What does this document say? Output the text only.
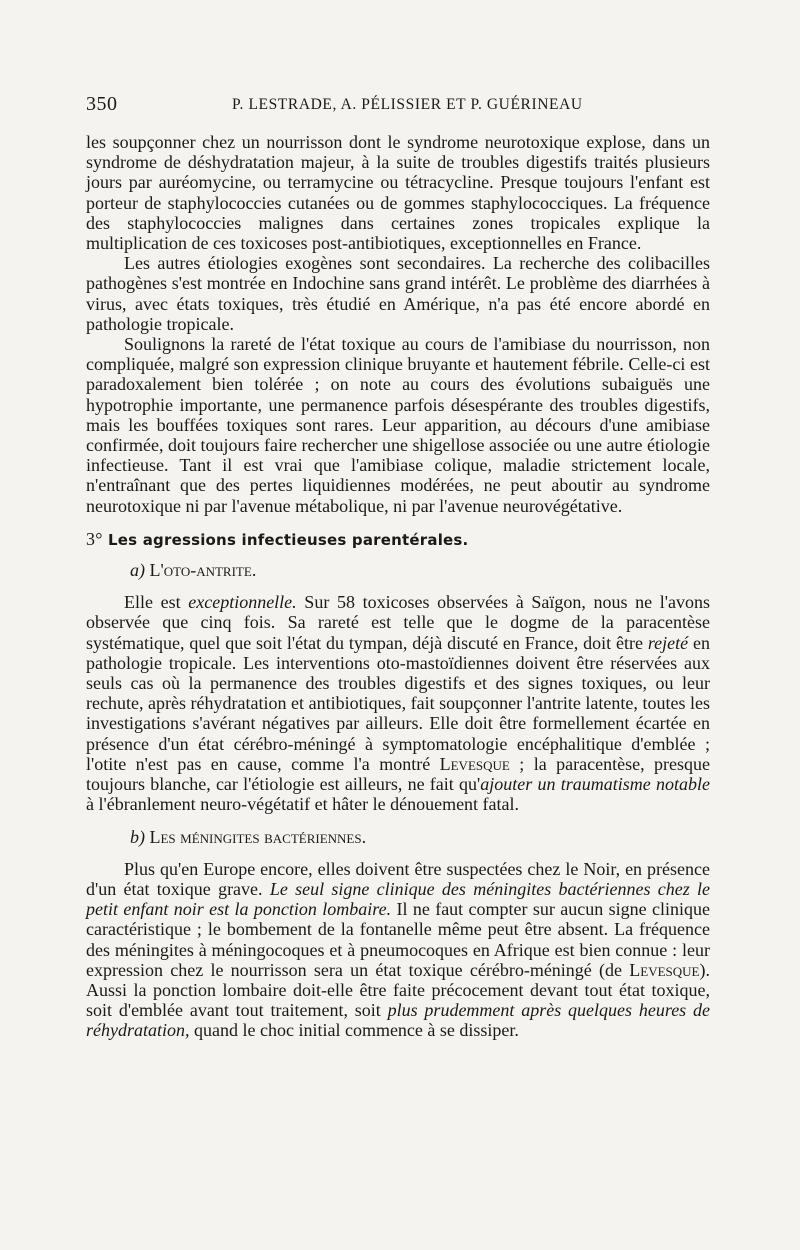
350	P. LESTRADE, A. PÉLISSIER ET P. GUÉRINEAU

les soupçonner chez un nourrisson dont le syndrome neurotoxique explose, dans un syndrome de déshydratation majeur, à la suite de troubles digestifs traités plusieurs jours par auréomycine, ou terramycine ou tétracycline. Presque toujours l'enfant est porteur de staphylococcies cutanées ou de gommes staphylococciques. La fréquence des staphylococcies malignes dans certaines zones tropicales explique la multiplication de ces toxicoses post-antibiotiques, exceptionnelles en France.

Les autres étiologies exogènes sont secondaires. La recherche des colibacilles pathogènes s'est montrée en Indochine sans grand intérêt. Le problème des diarrhées à virus, avec états toxiques, très étudié en Amérique, n'a pas été encore abordé en pathologie tropicale.

Soulignons la rareté de l'état toxique au cours de l'amibiase du nourrisson, non compliquée, malgré son expression clinique bruyante et hautement fébrile. Celle-ci est paradoxalement bien tolérée ; on note au cours des évolutions subaiguës une hypotrophie importante, une permanence parfois désespérante des troubles digestifs, mais les bouffées toxiques sont rares. Leur apparition, au décours d'une amibiase confirmée, doit toujours faire rechercher une shigellose associée ou une autre étiologie infectieuse. Tant il est vrai que l'amibiase colique, maladie strictement locale, n'entraînant que des pertes liquidiennes modérées, ne peut aboutir au syndrome neurotoxique ni par l'avenue métabolique, ni par l'avenue neurovégétative.

3° Les agressions infectieuses parentérales.
a) L'oto-antrite.

Elle est exceptionnelle. Sur 58 toxicoses observées à Saïgon, nous ne l'avons observée que cinq fois. Sa rareté est telle que le dogme de la paracentèse systématique, quel que soit l'état du tympan, déjà discuté en France, doit être rejeté en pathologie tropicale. Les interventions oto-mastoïdiennes doivent être réservées aux seuls cas où la permanence des troubles digestifs et des signes toxiques, ou leur rechute, après réhydratation et antibiotiques, fait soupçonner l'antrite latente, toutes les investigations s'avérant négatives par ailleurs. Elle doit être formellement écartée en présence d'un état cérébro-méningé à symptomatologie encéphalitique d'emblée ; l'otite n'est pas en cause, comme l'a montré Levesque ; la paracentèse, presque toujours blanche, car l'étiologie est ailleurs, ne fait qu'ajouter un traumatisme notable à l'ébranlement neuro-végétatif et hâter le dénouement fatal.

b) Les méningites bactériennes.

Plus qu'en Europe encore, elles doivent être suspectées chez le Noir, en présence d'un état toxique grave. Le seul signe clinique des méningites bactériennes chez le petit enfant noir est la ponction lombaire. Il ne faut compter sur aucun signe clinique caractéristique ; le bombement de la fontanelle même peut être absent. La fréquence des méningites à méningocoques et à pneumocoques en Afrique est bien connue : leur expression chez le nourrisson sera un état toxique cérébro-méningé (de Levesque). Aussi la ponction lombaire doit-elle être faite précocement devant tout état toxique, soit d'emblée avant tout traitement, soit plus prudemment après quelques heures de réhydratation, quand le choc initial commence à se dissiper.
